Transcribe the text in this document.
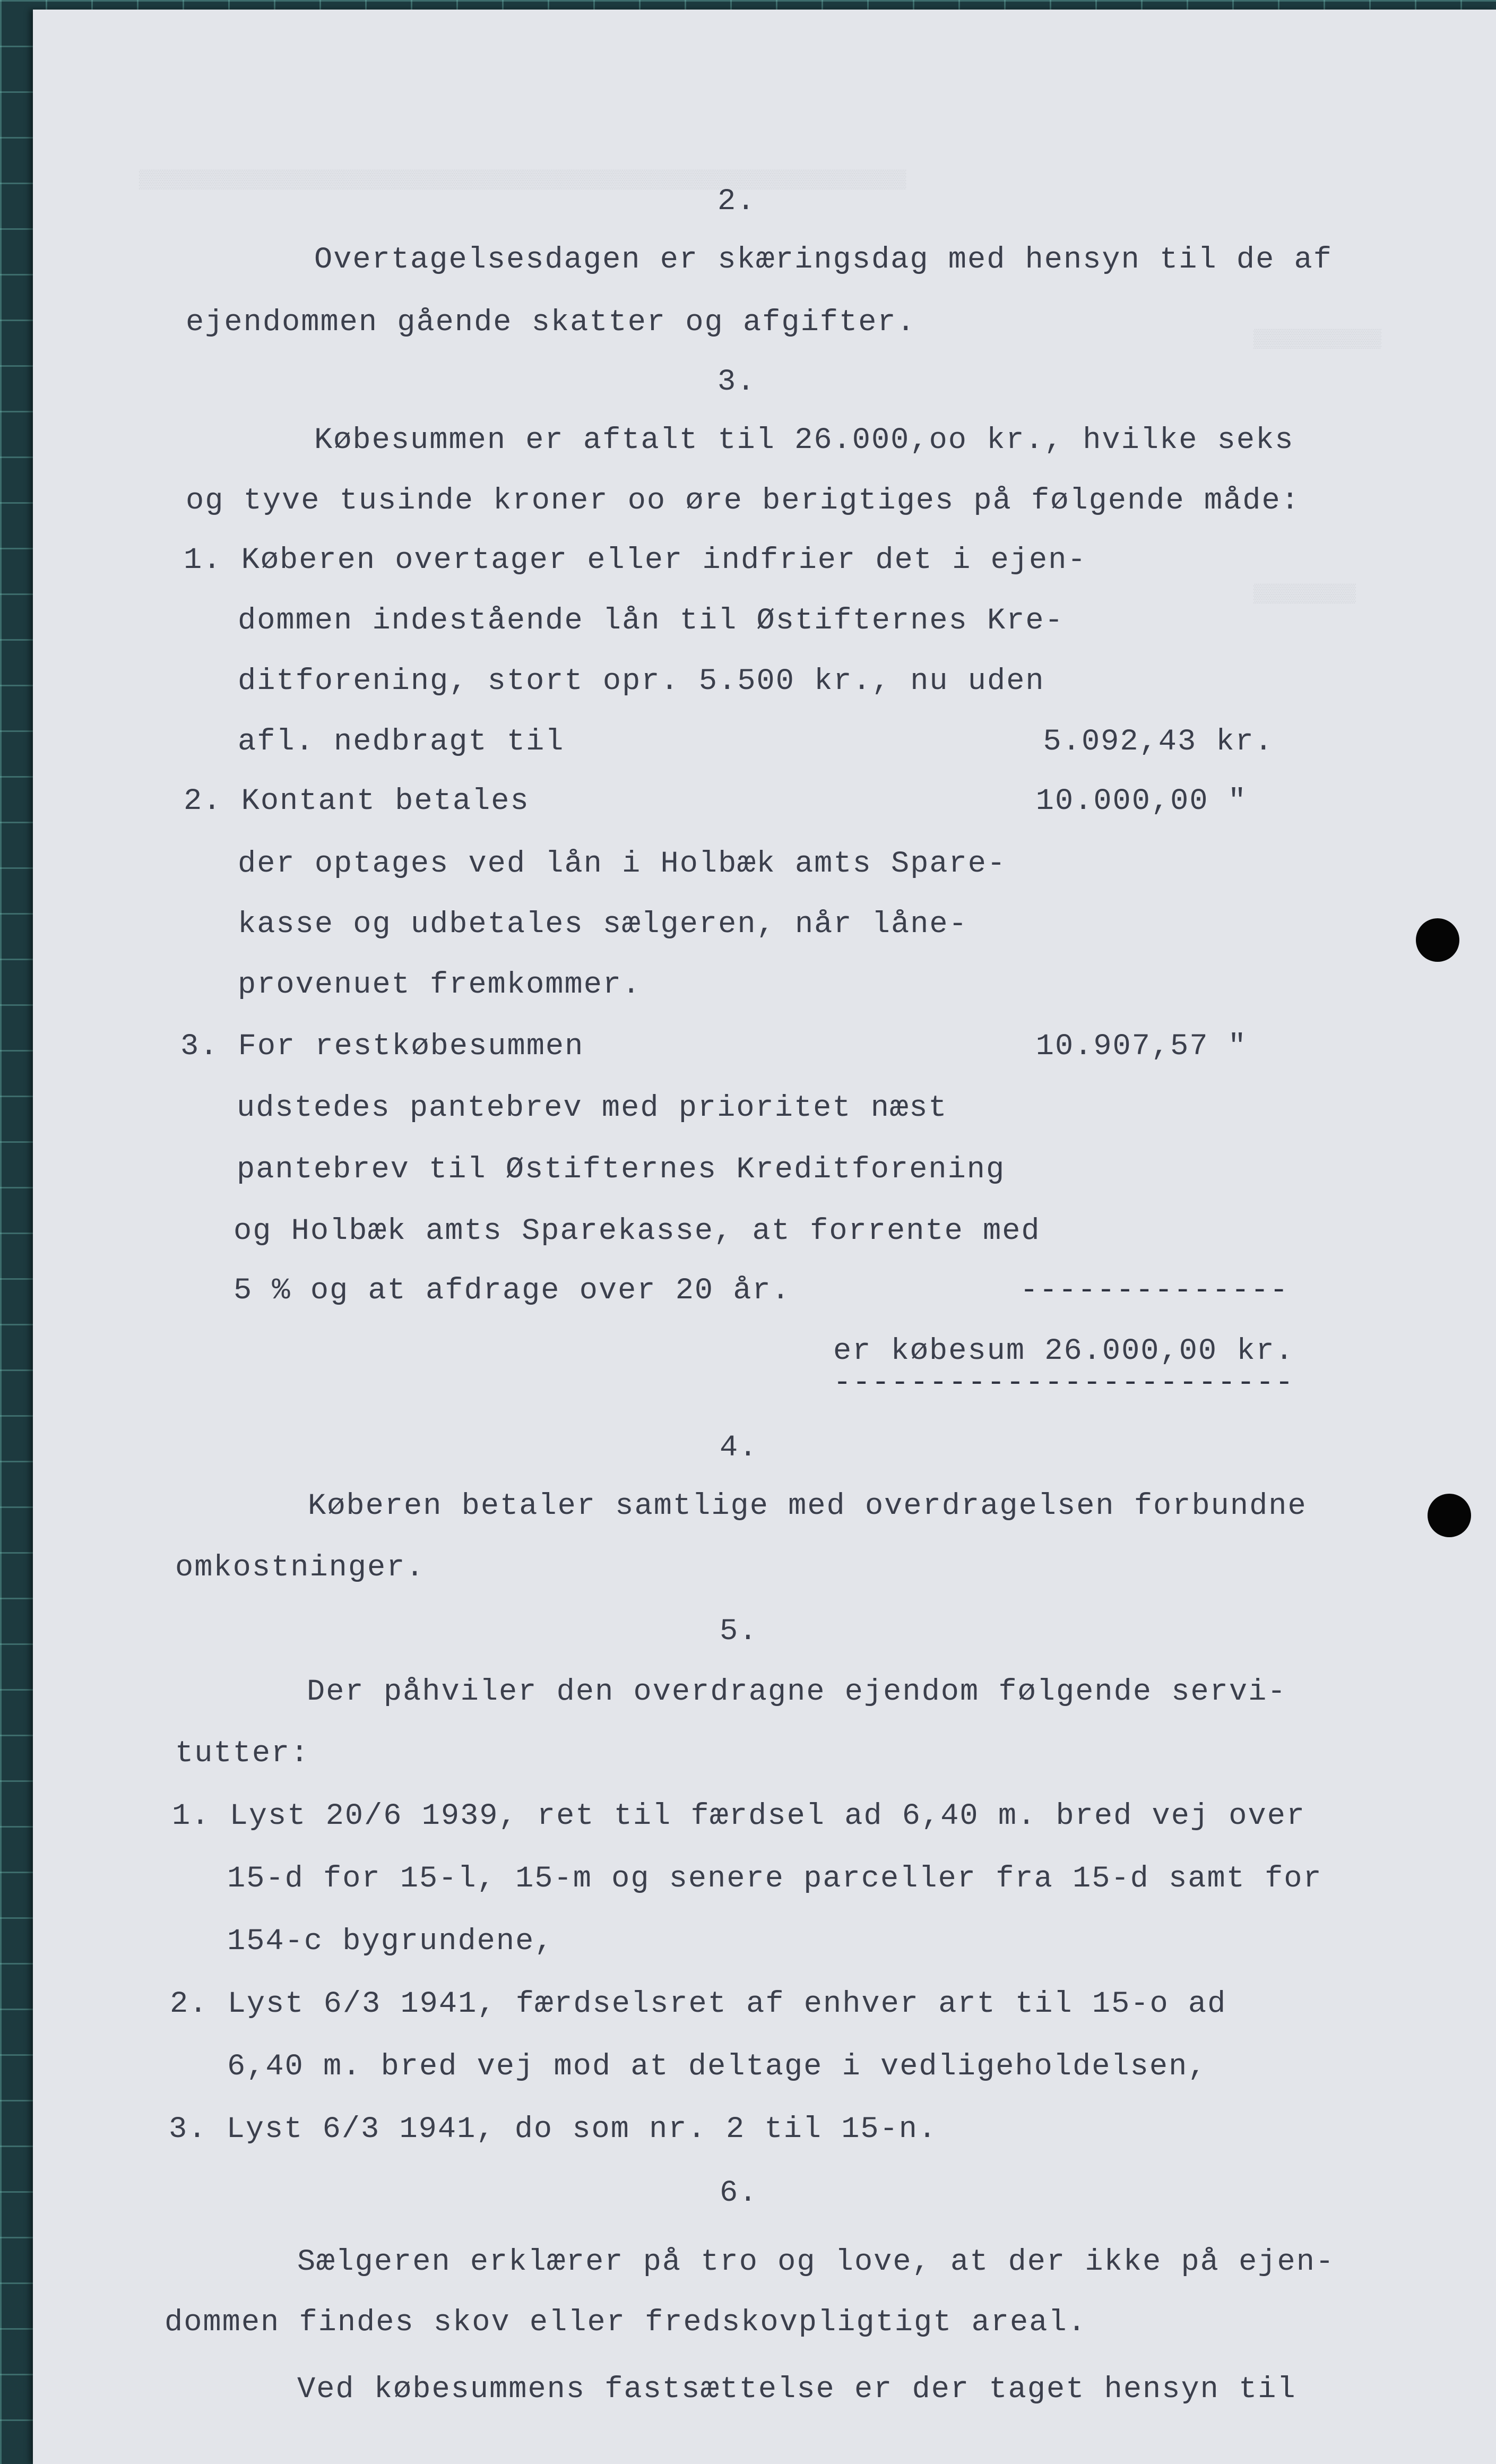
▒▒▒▒▒▒▒▒▒▒▒▒▒▒▒▒▒▒▒▒▒▒▒▒▒▒▒▒▒▒▒▒▒▒▒▒▒▒▒▒▒▒▒▒▒▒▒▒▒▒▒▒▒▒▒▒▒▒▒▒
▒▒▒▒▒▒▒▒▒▒
▒▒▒▒▒▒▒▒
2.
Overtagelsesdagen er skæringsdag med hensyn til de af
ejendommen gående skatter og afgifter.
3.
Købesummen er aftalt til 26.000,oo kr., hvilke seks
og tyve tusinde kroner oo øre berigtiges på følgende måde:
1. Køberen overtager eller indfrier det i ejen-
dommen indestående lån til Østifternes Kre-
ditforening, stort opr. 5.500 kr., nu uden
afl. nedbragt til	5.092,43 kr.
2. Kontant betales	10.000,00 "
der optages ved lån i Holbæk amts Spare-
kasse og udbetales sælgeren, når låne-
provenuet fremkommer.
3. For restkøbesummen	10.907,57 "
udstedes pantebrev med prioritet næst
pantebrev til Østifternes Kreditforening
og Holbæk amts Sparekasse, at forrente med
5 % og at afdrage over 20 år.	--------------
er købesum 26.000,00 kr.
------------------------
4.
Køberen betaler samtlige med overdragelsen forbundne
omkostninger.
5.
Der påhviler den overdragne ejendom følgende servi-
tutter:
1. Lyst 20/6 1939, ret til færdsel ad 6,40 m. bred vej over
15-d for 15-l, 15-m og senere parceller fra 15-d samt for
154-c bygrundene,
2. Lyst 6/3 1941, færdselsret af enhver art til 15-o ad
6,40 m. bred vej mod at deltage i vedligeholdelsen,
3. Lyst 6/3 1941, do som nr. 2 til 15-n.
6.
Sælgeren erklærer på tro og love, at der ikke på ejen-
dommen findes skov eller fredskovpligtigt areal.
Ved købesummens fastsættelse er der taget hensyn til
